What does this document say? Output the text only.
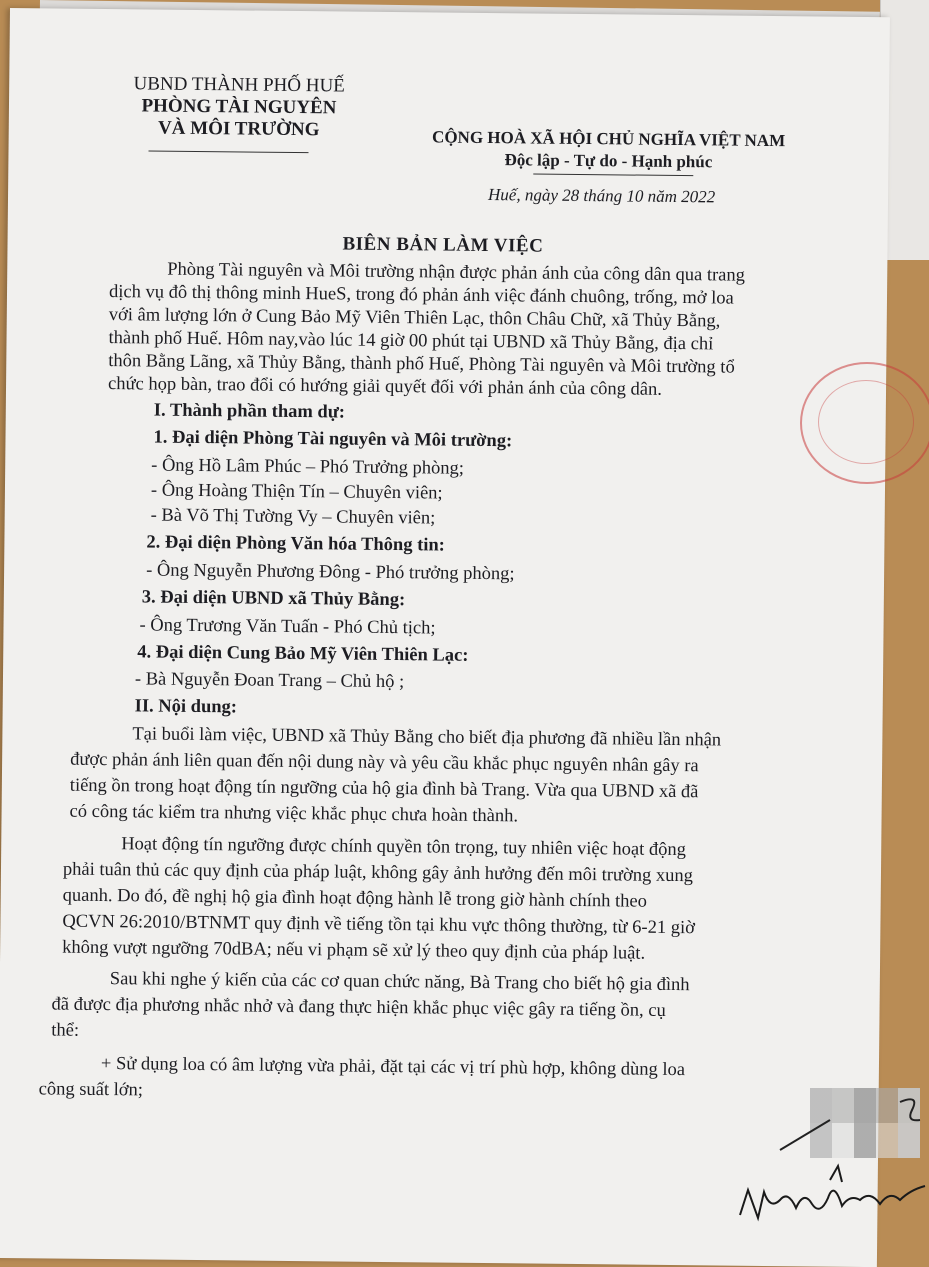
UBND THÀNH PHỐ HUẾ
PHÒNG TÀI NGUYÊN
VÀ MÔI TRƯỜNG	CỘNG HOÀ XÃ HỘI CHỦ NGHĨA VIỆT NAM
Độc lập - Tự do - Hạnh phúc
Huế, ngày 28 tháng 10 năm 2022
BIÊN BẢN LÀM VIỆC
Phòng Tài nguyên và Môi trường nhận được phản ánh của công dân qua trang
dịch vụ đô thị thông minh HueS, trong đó phản ánh việc đánh chuông, trống, mở loa
với âm lượng lớn ở Cung Bảo Mỹ Viên Thiên Lạc, thôn Châu Chữ, xã Thủy Bằng,
thành phố Huế. Hôm nay,vào lúc 14 giờ 00 phút tại UBND xã Thủy Bằng, địa chỉ
thôn Bằng Lãng, xã Thủy Bằng, thành phố Huế, Phòng Tài nguyên và Môi trường tổ
chức họp bàn, trao đổi có hướng giải quyết đối với phản ánh của công dân.
I. Thành phần tham dự:
1. Đại diện Phòng Tài nguyên và Môi trường:
- Ông Hồ Lâm Phúc – Phó Trưởng phòng;
- Ông Hoàng Thiện Tín – Chuyên viên;
- Bà Võ Thị Tường Vy – Chuyên viên;
2. Đại diện Phòng Văn hóa Thông tin:
- Ông Nguyễn Phương Đông - Phó trưởng phòng;
3. Đại diện UBND xã Thủy Bằng:
- Ông Trương Văn Tuấn - Phó Chủ tịch;
4. Đại diện Cung Bảo Mỹ Viên Thiên Lạc:
- Bà Nguyễn Đoan Trang – Chủ hộ ;
II. Nội dung:
Tại buổi làm việc, UBND xã Thủy Bằng cho biết địa phương đã nhiều lần nhận
được phản ánh liên quan đến nội dung này và yêu cầu khắc phục nguyên nhân gây ra
tiếng ồn trong hoạt động tín ngưỡng của hộ gia đình bà Trang. Vừa qua UBND xã đã
có công tác kiểm tra nhưng việc khắc phục chưa hoàn thành.
Hoạt động tín ngưỡng được chính quyền tôn trọng, tuy nhiên việc hoạt động
phải tuân thủ các quy định của pháp luật, không gây ảnh hưởng đến môi trường xung
quanh. Do đó, đề nghị hộ gia đình hoạt động hành lễ trong giờ hành chính theo
QCVN 26:2010/BTNMT quy định về tiếng tồn tại khu vực thông thường, từ 6-21 giờ
không vượt ngưỡng 70dBA; nếu vi phạm sẽ xử lý theo quy định của pháp luật.
Sau khi nghe ý kiến của các cơ quan chức năng, Bà Trang cho biết hộ gia đình
đã được địa phương nhắc nhở và đang thực hiện khắc phục việc gây ra tiếng ồn, cụ
thể:
+ Sử dụng loa có âm lượng vừa phải, đặt tại các vị trí phù hợp, không dùng loa
công suất lớn;
